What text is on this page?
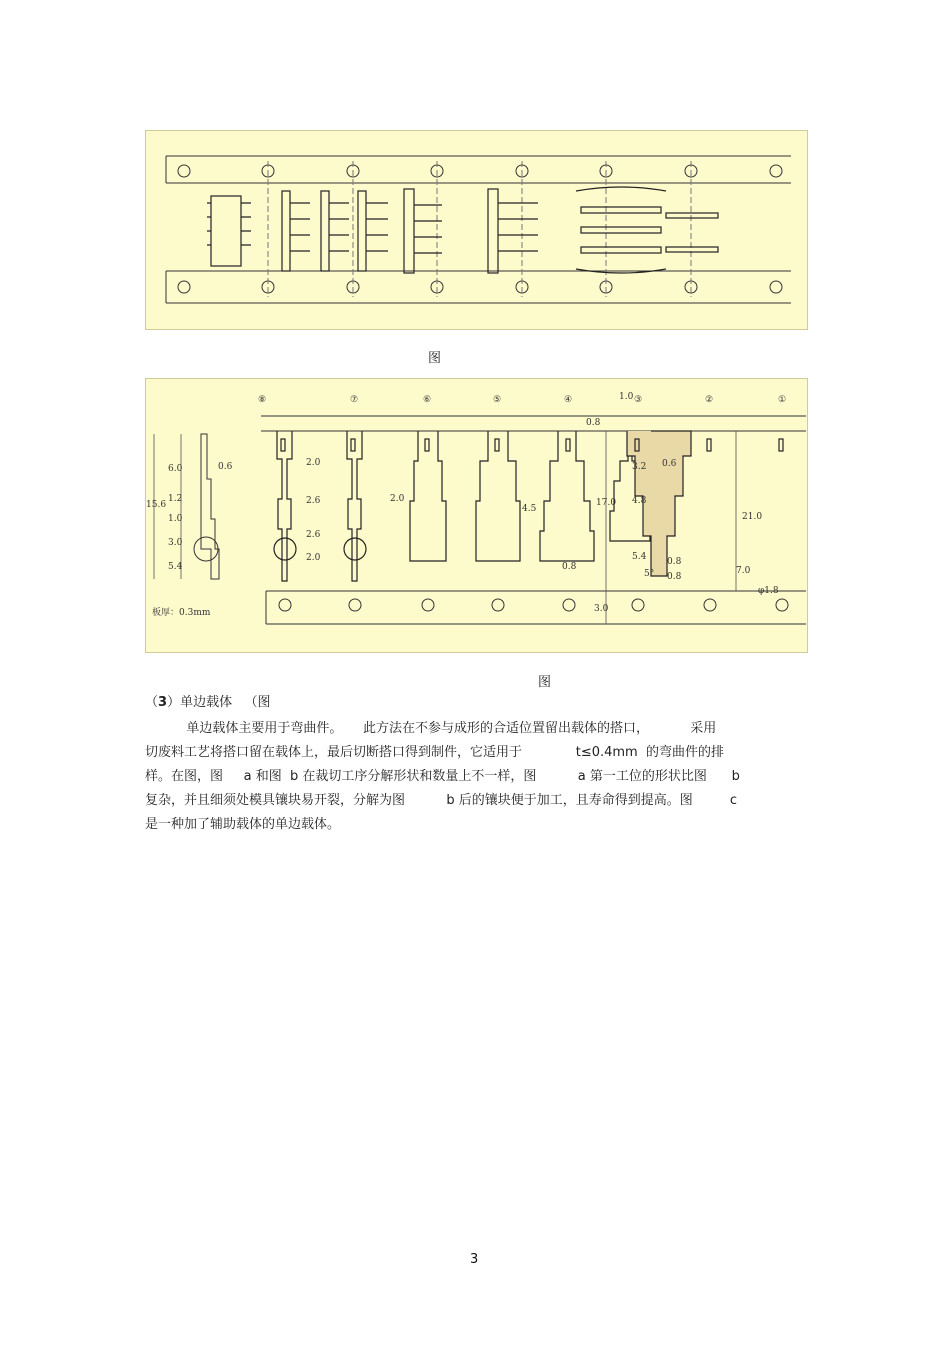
图
⑧	⑦	⑥	⑤	④	③	②	①
1.0
0.8
0.6	2.0
2.6
2.6
2.0
2.0
4.5
3.2 0.6
4.8
17.0
21.0
5.4
0.8	0.8
5° 0.8
7.0
φ1.8
3.0
6.0
1.2
1.0
3.0
5.4
15.6
板厚：0.3mm
图
（3）单边载体   （图
单边载体主要用于弯曲件。     此方法在不参与成形的合适位置留出载体的搭口，          采用
切废料工艺将搭口留在载体上，最后切断搭口得到制件，它适用于             t≤0.4mm  的弯曲件的排
样。在图，图     a 和图  b 在裁切工序分解形状和数量上不一样，图          a 第一工位的形状比图      b
复杂，并且细须处模具镶块易开裂，分解为图          b 后的镶块便于加工，且寿命得到提高。图         c
是一种加了辅助载体的单边载体。
3
